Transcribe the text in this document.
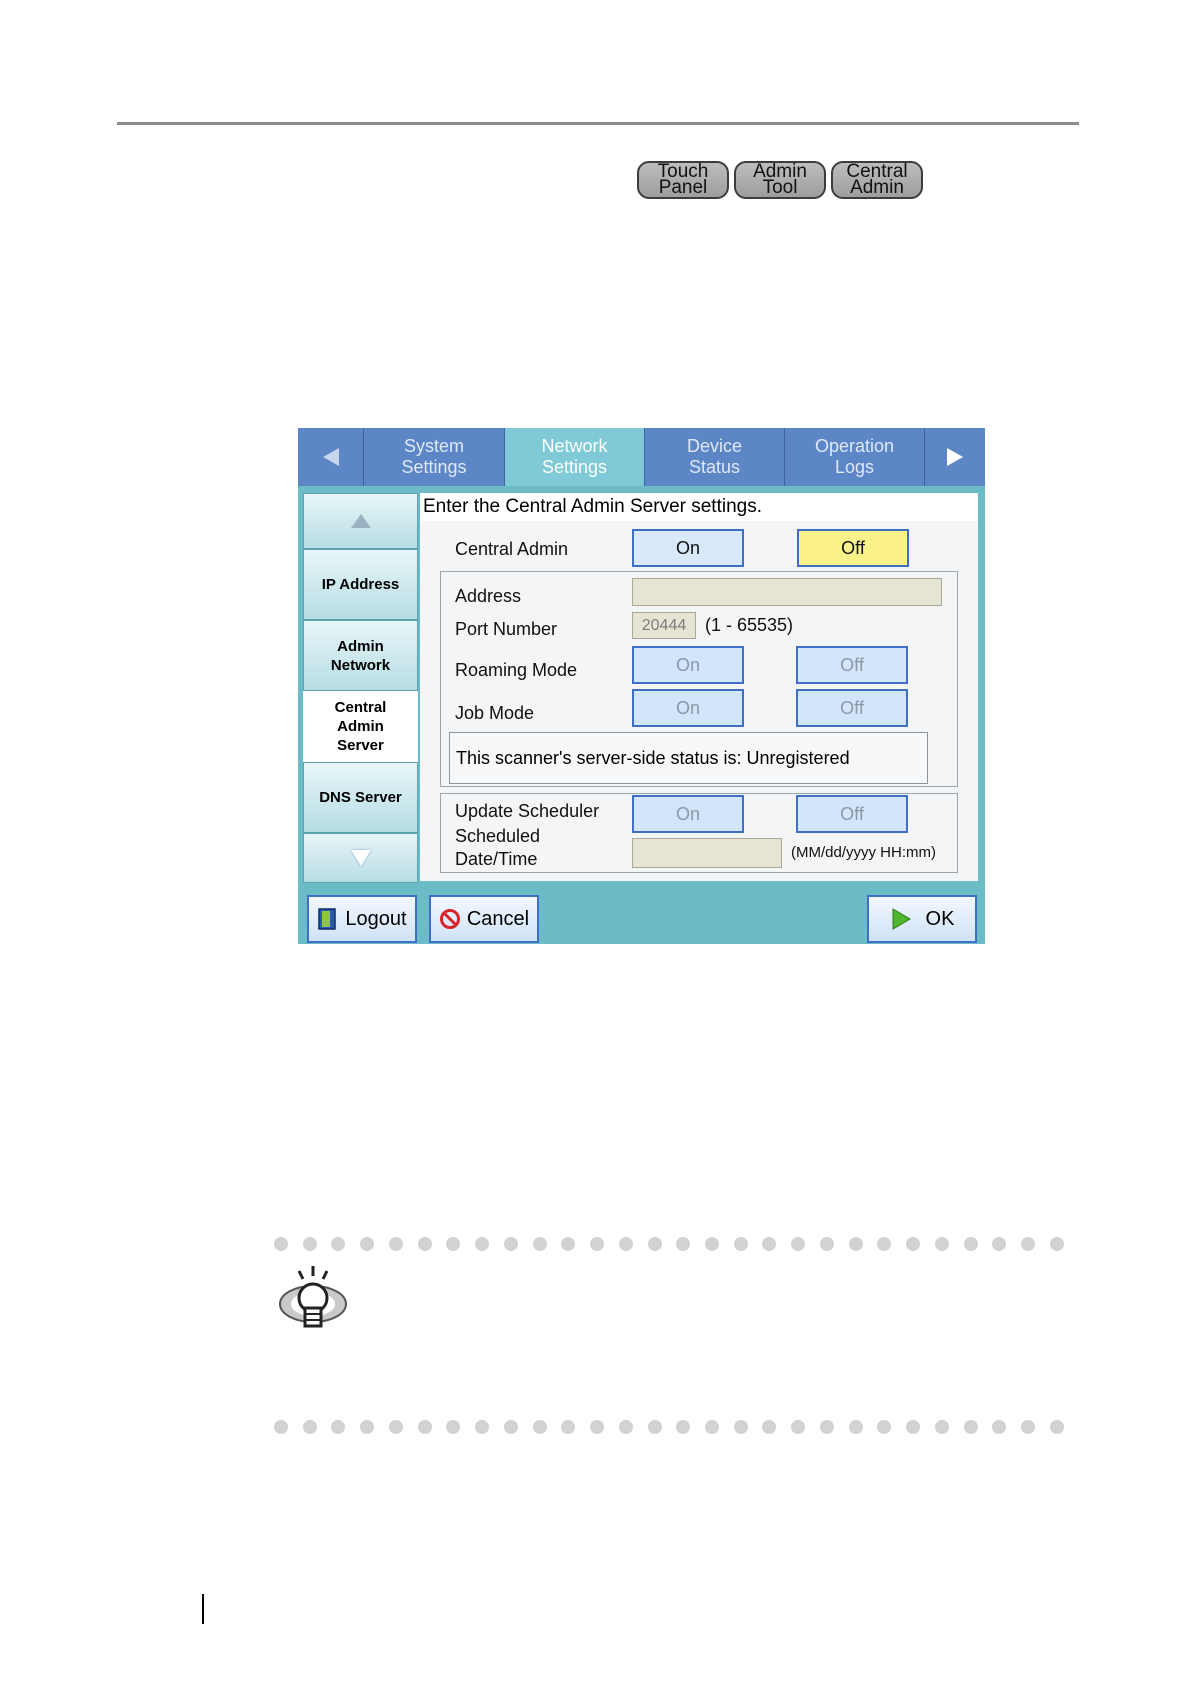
Touch
Panel
Admin
Tool
Central
Admin
System
Settings
Network
Settings
Device
Status
Operation
Logs
IP Address
Admin
Network
Central
Admin
Server
DNS Server
Enter the Central Admin Server settings.
Central Admin	On	Off
Address
Port Number	20444	(1 - 65535)
Roaming Mode	On	Off
Job Mode	On	Off
This scanner's server-side status is: Unregistered
Update Scheduler	On	Off
Scheduled
Date/Time	(MM/dd/yyyy HH:mm)
Logout	Cancel	OK
